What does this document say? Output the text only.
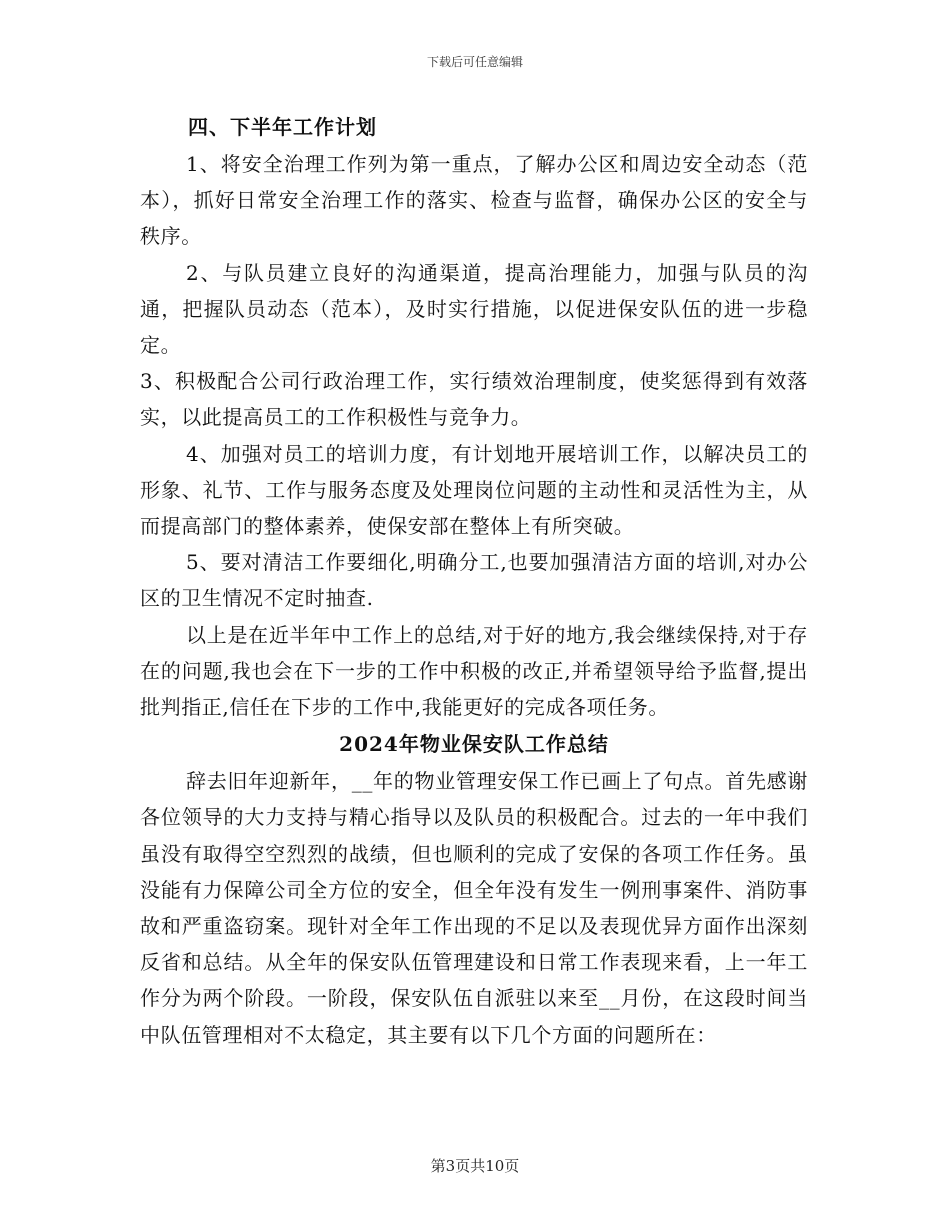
下载后可任意编辑
四、下半年工作计划

1、将安全治理工作列为第一重点，了解办公区和周边安全动态（范本），抓好日常安全治理工作的落实、检查与监督，确保办公区的安全与秩序。

2、与队员建立良好的沟通渠道，提高治理能力，加强与队员的沟通，把握队员动态（范本），及时实行措施，以促进保安队伍的进一步稳定。

3、积极配合公司行政治理工作，实行绩效治理制度，使奖惩得到有效落实，以此提高员工的工作积极性与竞争力。

4、加强对员工的培训力度，有计划地开展培训工作，以解决员工的形象、礼节、工作与服务态度及处理岗位问题的主动性和灵活性为主，从而提高部门的整体素养，使保安部在整体上有所突破。

5、要对清洁工作要细化,明确分工,也要加强清洁方面的培训,对办公区的卫生情况不定时抽查.

以上是在近半年中工作上的总结,对于好的地方,我会继续保持,对于存在的问题,我也会在下一步的工作中积极的改正,并希望领导给予监督,提出批判指正,信任在下步的工作中,我能更好的完成各项任务。

2024年物业保安队工作总结

辞去旧年迎新年，__年的物业管理安保工作已画上了句点。首先感谢各位领导的大力支持与精心指导以及队员的积极配合。过去的一年中我们虽没有取得空空烈烈的战绩，但也顺利的完成了安保的各项工作任务。虽没能有力保障公司全方位的安全，但全年没有发生一例刑事案件、消防事故和严重盗窃案。现针对全年工作出现的不足以及表现优异方面作出深刻反省和总结。从全年的保安队伍管理建设和日常工作表现来看，上一年工作分为两个阶段。一阶段，保安队伍自派驻以来至__月份，在这段时间当中队伍管理相对不太稳定，其主要有以下几个方面的问题所在：

第3页共10页
